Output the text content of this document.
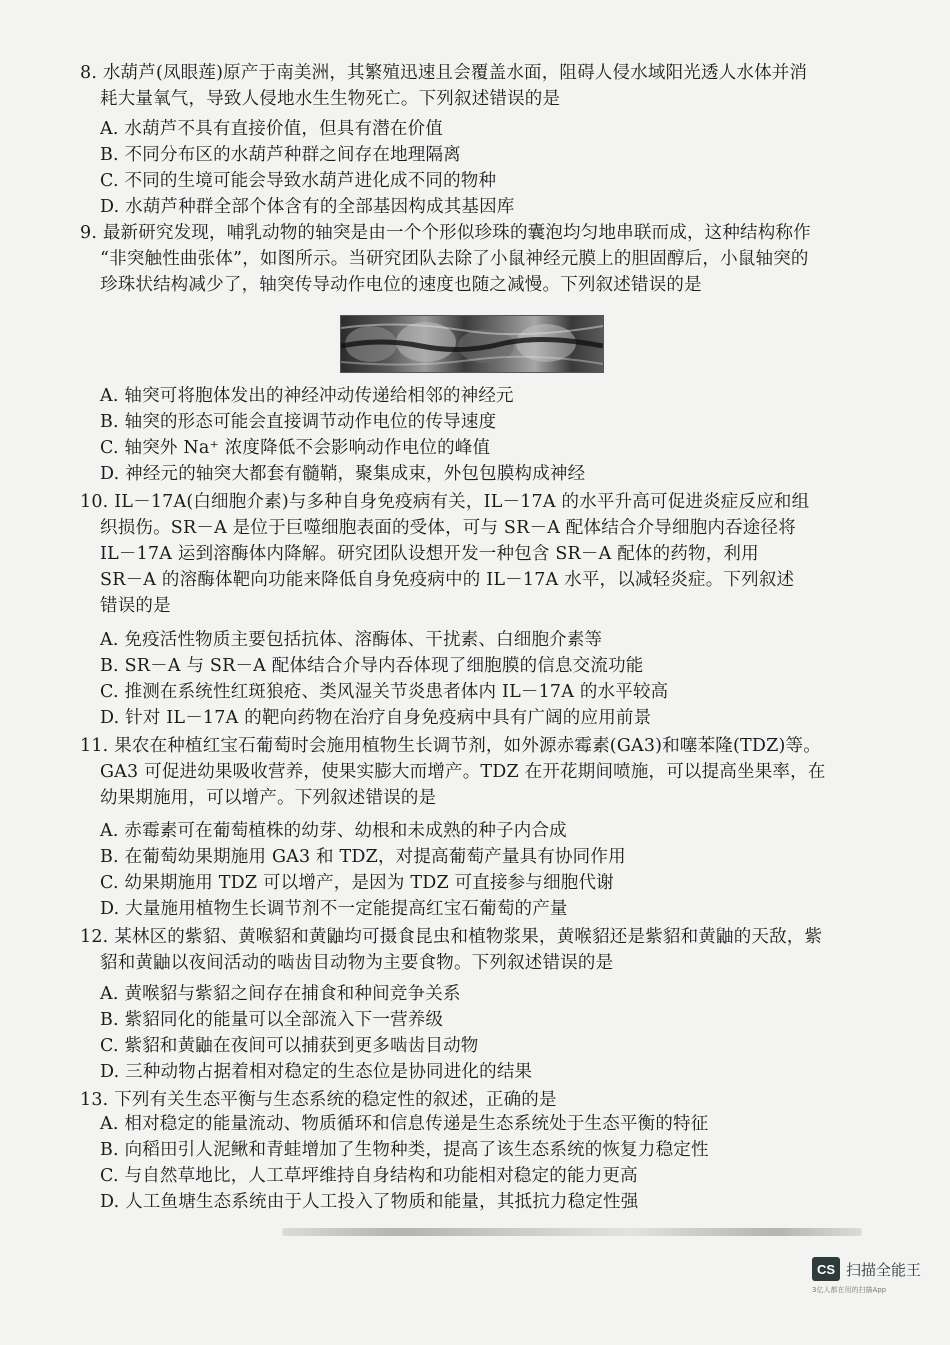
8. 水葫芦(凤眼莲)原产于南美洲，其繁殖迅速且会覆盖水面，阻碍人侵水域阳光透人水体并消
耗大量氧气，导致人侵地水生生物死亡。下列叙述错误的是
A. 水葫芦不具有直接价值，但具有潜在价值
B. 不同分布区的水葫芦种群之间存在地理隔离
C. 不同的生境可能会导致水葫芦进化成不同的物种
D. 水葫芦种群全部个体含有的全部基因构成其基因库
9. 最新研究发现，哺乳动物的轴突是由一个个形似珍珠的囊泡均匀地串联而成，这种结构称作
“非突触性曲张体”，如图所示。当研究团队去除了小鼠神经元膜上的胆固醇后，小鼠轴突的
珍珠状结构减少了，轴突传导动作电位的速度也随之减慢。下列叙述错误的是
A. 轴突可将胞体发出的神经冲动传递给相邻的神经元
B. 轴突的形态可能会直接调节动作电位的传导速度
C. 轴突外 Na⁺ 浓度降低不会影响动作电位的峰值
D. 神经元的轴突大都套有髓鞘，聚集成束，外包包膜构成神经
10. IL－17A(白细胞介素)与多种自身免疫病有关，IL－17A 的水平升高可促进炎症反应和组
织损伤。SR－A 是位于巨噬细胞表面的受体，可与 SR－A 配体结合介导细胞内吞途径将
IL－17A 运到溶酶体内降解。研究团队设想开发一种包含 SR－A 配体的药物，利用
SR－A 的溶酶体靶向功能来降低自身免疫病中的 IL－17A 水平，以减轻炎症。下列叙述
错误的是
A. 免疫活性物质主要包括抗体、溶酶体、干扰素、白细胞介素等
B. SR－A 与 SR－A 配体结合介导内吞体现了细胞膜的信息交流功能
C. 推测在系统性红斑狼疮、类风湿关节炎患者体内 IL－17A 的水平较高
D. 针对 IL－17A 的靶向药物在治疗自身免疫病中具有广阔的应用前景
11. 果农在种植红宝石葡萄时会施用植物生长调节剂，如外源赤霉素(GA3)和噻苯隆(TDZ)等。
GA3 可促进幼果吸收营养，使果实膨大而增产。TDZ 在开花期间喷施，可以提高坐果率，在
幼果期施用，可以增产。下列叙述错误的是
A. 赤霉素可在葡萄植株的幼芽、幼根和未成熟的种子内合成
B. 在葡萄幼果期施用 GA3 和 TDZ，对提高葡萄产量具有协同作用
C. 幼果期施用 TDZ 可以增产，是因为 TDZ 可直接参与细胞代谢
D. 大量施用植物生长调节剂不一定能提高红宝石葡萄的产量
12. 某林区的紫貂、黄喉貂和黄鼬均可摄食昆虫和植物浆果，黄喉貂还是紫貂和黄鼬的天敌，紫
貂和黄鼬以夜间活动的啮齿目动物为主要食物。下列叙述错误的是
A. 黄喉貂与紫貂之间存在捕食和种间竞争关系
B. 紫貂同化的能量可以全部流入下一营养级
C. 紫貂和黄鼬在夜间可以捕获到更多啮齿目动物
D. 三种动物占据着相对稳定的生态位是协同进化的结果
13. 下列有关生态平衡与生态系统的稳定性的叙述，正确的是
A. 相对稳定的能量流动、物质循环和信息传递是生态系统处于生态平衡的特征
B. 向稻田引人泥鳅和青蛙增加了生物种类，提高了该生态系统的恢复力稳定性
C. 与自然草地比，人工草坪维持自身结构和功能相对稳定的能力更高
D. 人工鱼塘生态系统由于人工投入了物质和能量，其抵抗力稳定性强
CS 扫描全能王
3亿人都在用的扫描App
